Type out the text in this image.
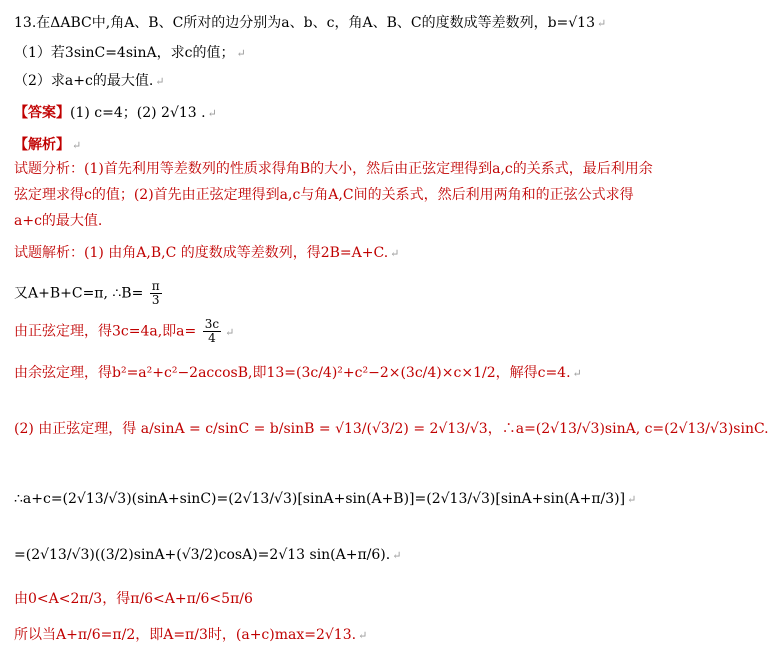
13.在ΔABC中,角A、B、C所对的边分别为a、b、c，角A、B、C的度数成等差数列，b=√13 ↵
（1）若3sinC=4sinA，求c的值； ↵
（2）求a+c的最大值. ↵
【答案】(1) c=4；(2) 2√13 . ↵
【解析】 ↵
试题分析：(1)首先利用等差数列的性质求得角B的大小，然后由正弦定理得到a,c的关系式，最后利用余
弦定理求得c的值；(2)首先由正弦定理得到a,c与角A,C间的关系式，然后利用两角和的正弦公式求得
a+c的最大值.
试题解析：(1) 由角A,B,C 的度数成等差数列，得2B=A+C. ↵
又A+B+C=π, ∴B= $\frac{\pi}{3}$
由正弦定理，得3c=4a,即$a= \frac{3c}{4}$ ↵
由余弦定理，得b²=a²+c²−2accosB,即13=(3c/4)²+c²−2×(3c/4)×c×1/2，解得c=4. ↵
(2) 由正弦定理，得 a/sinA = c/sinC = b/sinB = √13/(√3/2) = 2√13/√3，∴a=(2√13/√3)sinA, c=(2√13/√3)sinC.
∴a+c=(2√13/√3)(sinA+sinC)=(2√13/√3)[sinA+sin(A+B)]=(2√13/√3)[sinA+sin(A+π/3)] ↵
=(2√13/√3)((3/2)sinA+(√3/2)cosA)=2√13 sin(A+π/6). ↵
由0<A<2π/3，得π/6<A+π/6<5π/6
所以当A+π/6=π/2，即A=π/3时，(a+c)max=2√13. ↵
